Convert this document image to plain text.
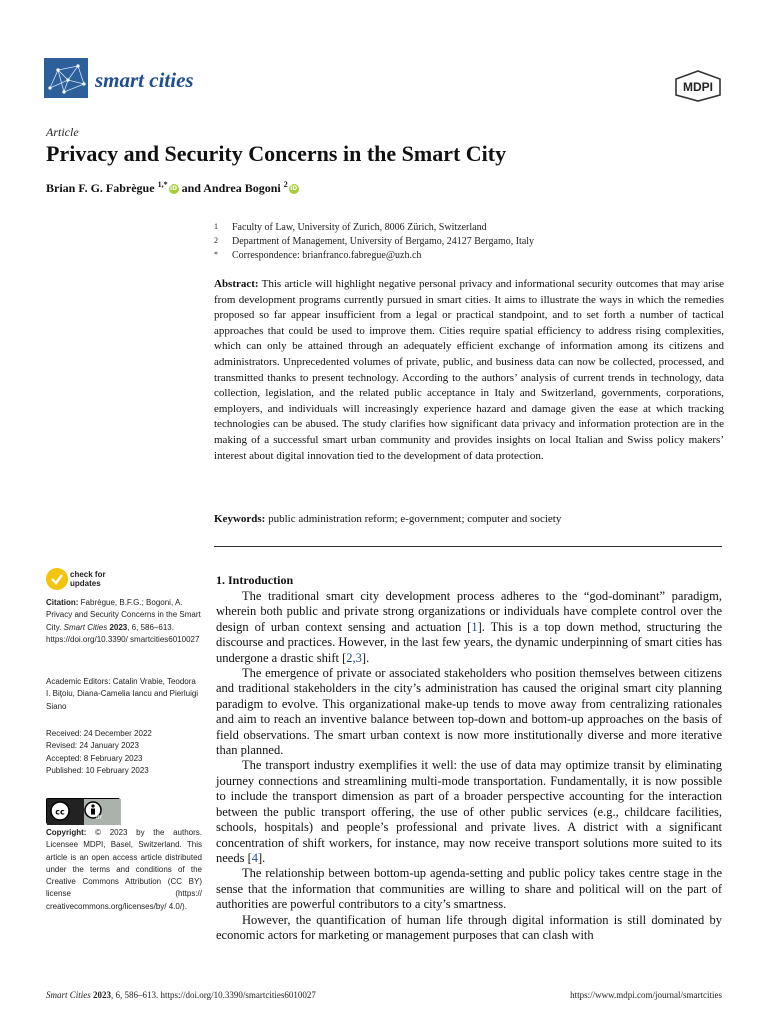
smart cities	MDPI
Article
Privacy and Security Concerns in the Smart City
Brian F. G. Fabrègue $^{1,*}$ iD and Andrea Bogoni $^2$ iD
1 Faculty of Law, University of Zurich, 8006 Zürich, Switzerland
2 Department of Management, University of Bergamo, 24127 Bergamo, Italy
* Correspondence: brianfranco.fabregue@uzh.ch
Abstract: This article will highlight negative personal privacy and informational security outcomes that may arise from development programs currently pursued in smart cities. It aims to illustrate the ways in which the remedies proposed so far appear insufficient from a legal or practical standpoint, and to set forth a number of tactical approaches that could be used to improve them. Cities require spatial efficiency to address rising complexities, which can only be attained through an adequately efficient exchange of information among its citizens and administrators. Unprecedented volumes of private, public, and business data can now be collected, processed, and transmitted thanks to present technology. According to the authors’ analysis of current trends in technology, data collection, legislation, and the related public acceptance in Italy and Switzerland, governments, corporations, employers, and individuals will increasingly experience hazard and damage given the ease at which tracking technologies can be abused. The study clarifies how significant data privacy and information protection are in the making of a successful smart urban community and provides insights on local Italian and Swiss policy makers’ interest about digital innovation tied to the development of data protection.
Keywords: public administration reform; e-government; computer and society
check for
updates
Citation: Fabrègue, B.F.G.; Bogoni, A. Privacy and Security Concerns in the Smart City. Smart Cities 2023, 6, 586–613. https://doi.org/10.3390/ smartcities6010027
Academic Editors: Catalin Vrabie, Teodora I. Biţoiu, Diana-Camelia Iancu and Pierluigi Siano
Received: 24 December 2022
Revised: 24 January 2023
Accepted: 8 February 2023
Published: 10 February 2023
cc
BY
Copyright: © 2023 by the authors. Licensee MDPI, Basel, Switzerland. This article is an open access article distributed under the terms and conditions of the Creative Commons Attribution (CC BY) license (https:// creativecommons.org/licenses/by/ 4.0/).
1. Introduction

The traditional smart city development process adheres to the “god-dominant” paradigm, wherein both public and private strong organizations or individuals have complete control over the design of urban context sensing and actuation [1]. This is a top down method, structuring the discourse and practices. However, in the last few years, the dynamic underpinning of smart cities has undergone a drastic shift [2,3].

The emergence of private or associated stakeholders who position themselves between citizens and traditional stakeholders in the city’s administration has caused the original smart city planning paradigm to evolve. This organizational make-up tends to move away from centralizing rationales and aim to reach an inventive balance between top-down and bottom-up approaches on the basis of field observations. The smart urban context is now more institutionally diverse and more iterative than planned.

The transport industry exemplifies it well: the use of data may optimize transit by eliminating journey connections and streamlining multi-mode transportation. Fundamentally, it is now possible to include the transport dimension as part of a broader perspective accounting for the interaction between the public transport offering, the use of other public services (e.g., childcare facilities, schools, hospitals) and people’s professional and private lives. A district with a significant concentration of shift workers, for instance, may now receive transport solutions more suited to its needs [4].

The relationship between bottom-up agenda-setting and public policy takes centre stage in the sense that the information that communities are willing to share and political will on the part of authorities are powerful contributors to a city’s smartness.

However, the quantification of human life through digital information is still dominated by economic actors for marketing or management purposes that can clash with

Smart Cities 2023, 6, 586–613. https://doi.org/10.3390/smartcities6010027	https://www.mdpi.com/journal/smartcities
